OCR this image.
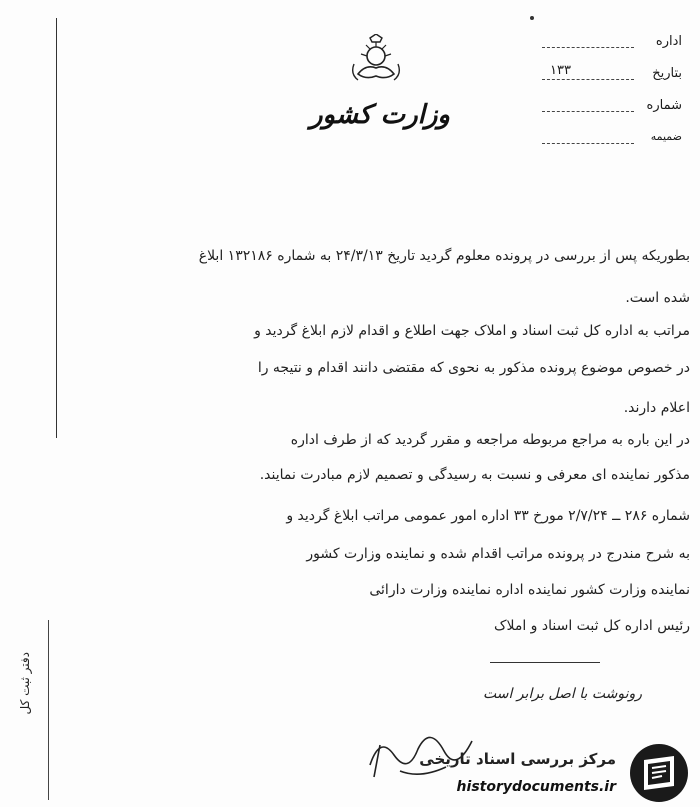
وزارت کشور
اداره
بتاریخ
۱۳۳
شماره
ضمیمه
بطوریکه پس از بررسی در پرونده معلوم گردید تاریخ ۲۴/۳/۱۳ به شماره ۱۳۲۱۸۶ ابلاغ
شده است.
مراتب به اداره کل ثبت اسناد و املاک جهت اطلاع و اقدام لازم ابلاغ گردید و
در خصوص موضوع پرونده مذکور به نحوی که مقتضی دانند اقدام و نتیجه را
اعلام دارند.
در این باره به مراجع مربوطه مراجعه و مقرر گردید که از طرف اداره
مذکور نماینده ای معرفی و نسبت به رسیدگی و تصمیم لازم مبادرت نمایند.
شماره ۲۸۶ ــ ۲/۷/۲۴ مورخ ۳۳ اداره امور عمومی مراتب ابلاغ گردید و
به شرح مندرج در پرونده مراتب اقدام شده و نماینده وزارت کشور
نماینده وزارت کشور نماینده اداره نماینده وزارت دارائی
رئیس اداره کل ثبت اسناد و املاک
رونوشت با اصل برابر است
دفتر ثبت کل
مرکز بررسی اسناد تاریخی
historydocuments.ir
